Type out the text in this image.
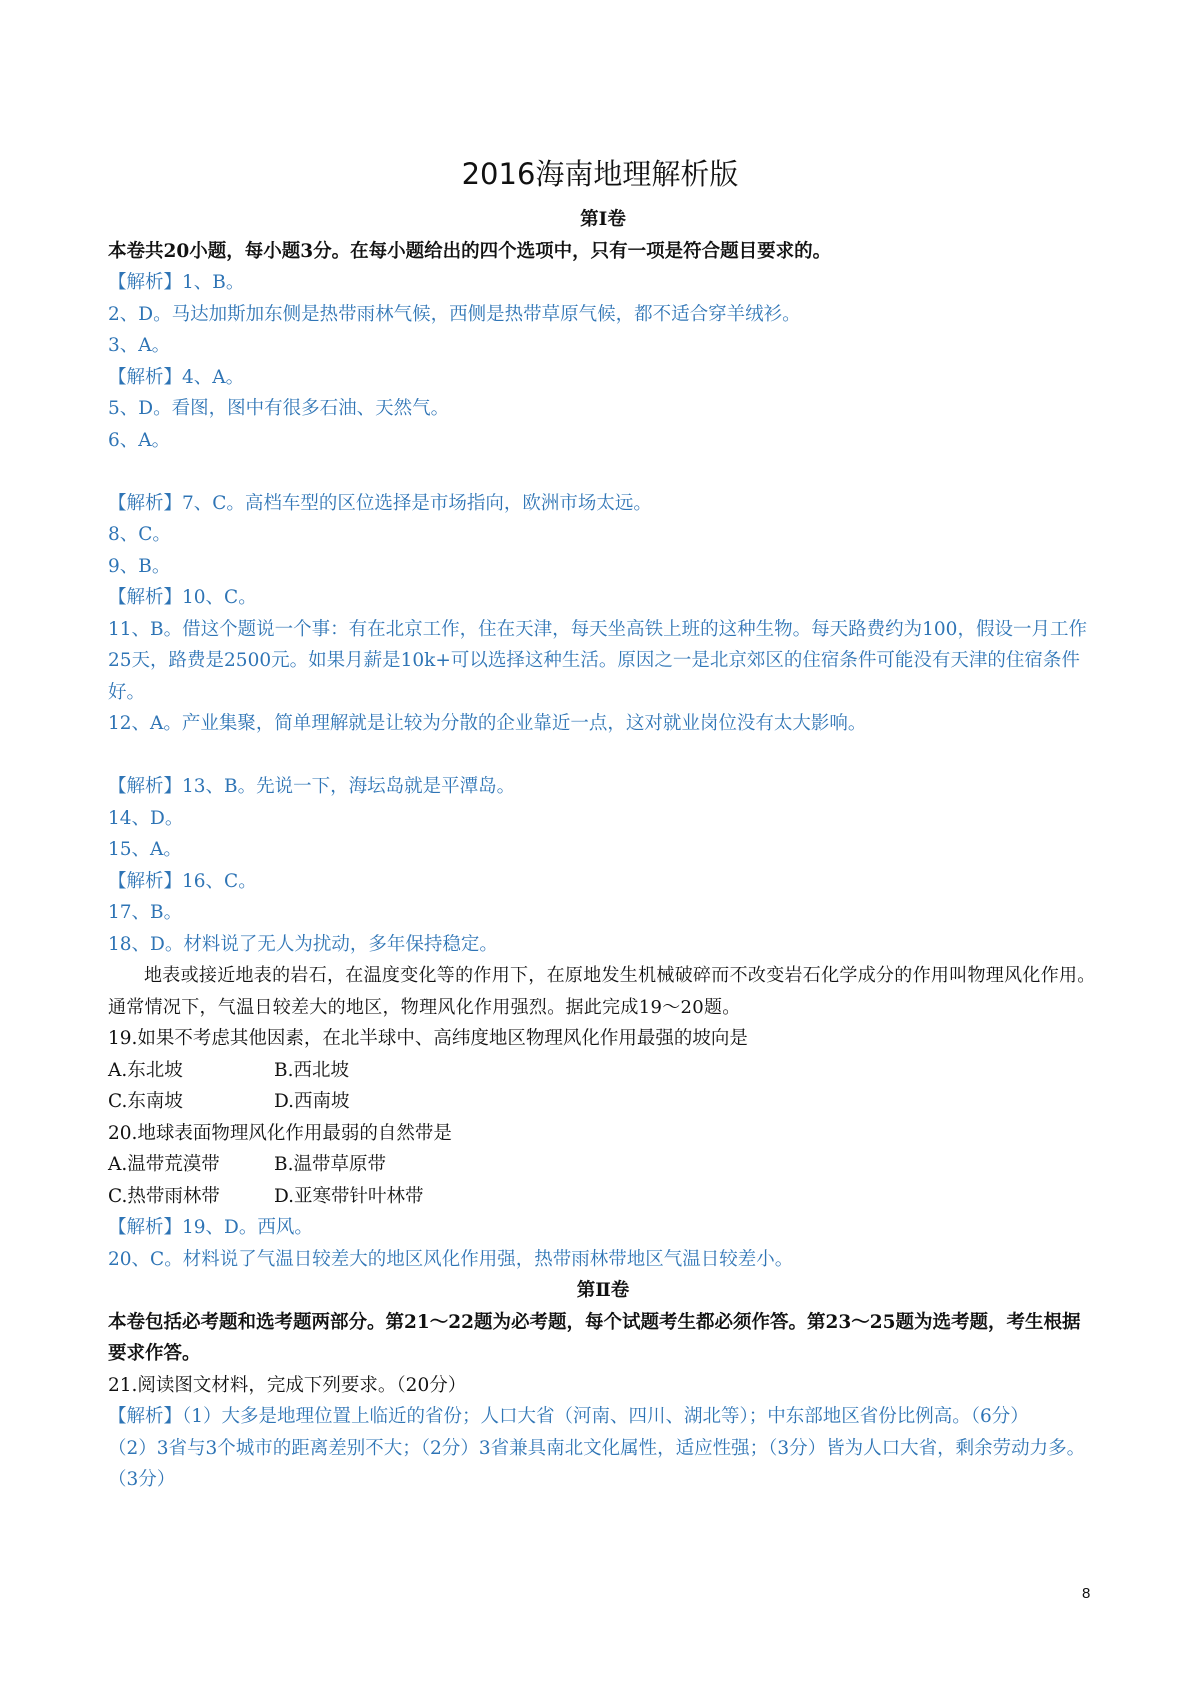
2016海南地理解析版
第Ⅰ卷
本卷共20小题，每小题3分。在每小题给出的四个选项中，只有一项是符合题目要求的。
【解析】1、B。
2、D。马达加斯加东侧是热带雨林气候，西侧是热带草原气候，都不适合穿羊绒衫。
3、A。
【解析】4、A。
5、D。看图，图中有很多石油、天然气。
6、A。
【解析】7、C。高档车型的区位选择是市场指向，欧洲市场太远。
8、C。
9、B。
【解析】10、C。
11、B。借这个题说一个事：有在北京工作，住在天津，每天坐高铁上班的这种生物。每天路费约为100，假设一月工作25天，路费是2500元。如果月薪是10k+可以选择这种生活。原因之一是北京郊区的住宿条件可能没有天津的住宿条件好。
12、A。产业集聚，简单理解就是让较为分散的企业靠近一点，这对就业岗位没有太大影响。
【解析】13、B。先说一下，海坛岛就是平潭岛。
14、D。
15、A。
【解析】16、C。
17、B。
18、D。材料说了无人为扰动，多年保持稳定。
地表或接近地表的岩石，在温度变化等的作用下，在原地发生机械破碎而不改变岩石化学成分的作用叫物理风化作用。通常情况下，气温日较差大的地区，物理风化作用强烈。据此完成19～20题。
19.如果不考虑其他因素，在北半球中、高纬度地区物理风化作用最强的坡向是
A.东北坡	B.西北坡
C.东南坡	D.西南坡
20.地球表面物理风化作用最弱的自然带是
A.温带荒漠带	B.温带草原带
C.热带雨林带	D.亚寒带针叶林带
【解析】19、D。西风。
20、C。材料说了气温日较差大的地区风化作用强，热带雨林带地区气温日较差小。
第Ⅱ卷
本卷包括必考题和选考题两部分。第21～22题为必考题，每个试题考生都必须作答。第23～25题为选考题，考生根据要求作答。
21.阅读图文材料，完成下列要求。（20分）
【解析】（1）大多是地理位置上临近的省份；人口大省（河南、四川、湖北等）；中东部地区省份比例高。（6分）
（2）3省与3个城市的距离差别不大；（2分）3省兼具南北文化属性，适应性强；（3分）皆为人口大省，剩余劳动力多。（3分）
8
